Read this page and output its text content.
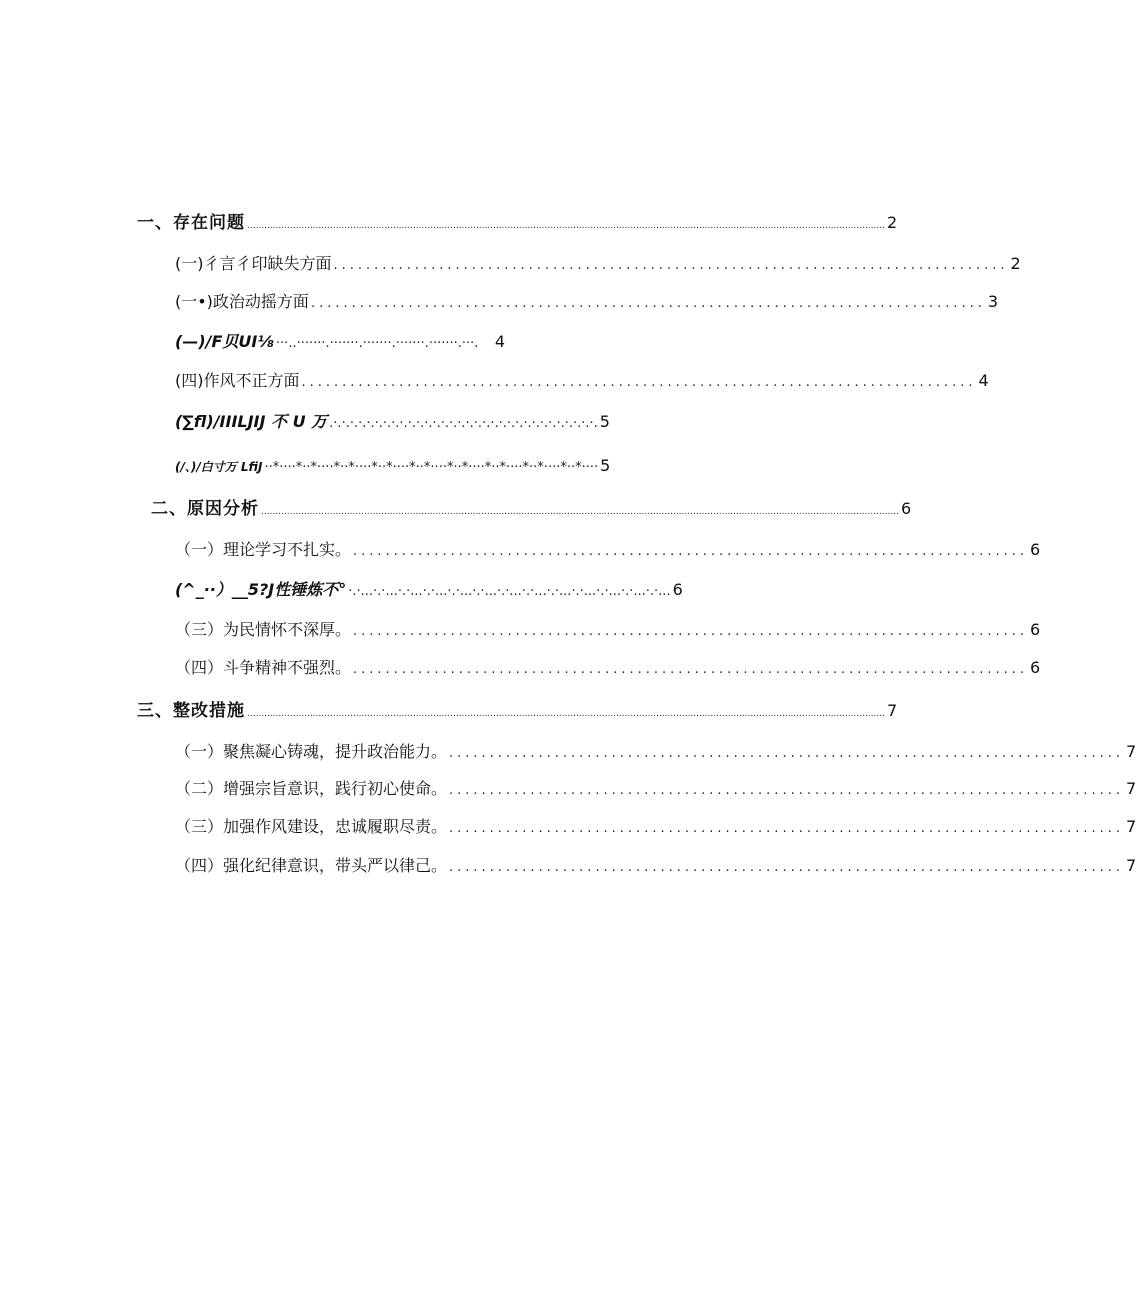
一、存在问题 ............................................................................................................................................................................................................................... 2
(一)彳言彳印缺失方面 ................................................................................... 2
(一•)政治动摇方面 ................................................................................... 3
(—)/F贝UI⅛ ···..·······.·······.·······.·······.·······.···.	4
(四)作风不正方面 ................................................................................... 4
(∑fl)/IIILJIJ 不 U 万 .·.·.·.·.·.·.·.·.·.·.·.·.·.·.·.·.·.·.·.·.·.·.·.·.·.·.·.·.·.·.·.·. 5
(/、)/白寸万 LfiJ ··*····*··*····*··*····*··*····*··*····*··*····*··*····*··*····*··*···· 5
二、原因分析 ............................................................................................................................................................................................................................... 6
（一）理论学习不扎实。 ................................................................................... 6
(^_··）__5?J性锤炼不° ·.·...·.·...·.·...·.·...·.·...·.·...·.·...·.·...·.·...·.·...·.·...·.·...·.·... 6
（三）为民情怀不深厚。 ................................................................................... 6
（四）斗争精神不强烈。 ................................................................................... 6
三、整改措施 ............................................................................................................................................................................................................................... 7
（一）聚焦凝心铸魂，提升政治能力。 ................................................................................... 7
（二）增强宗旨意识，践行初心使命。 ................................................................................... 7
（三）加强作风建设，忠诚履职尽责。 ................................................................................... 7
（四）强化纪律意识，带头严以律己。 ................................................................................... 7
